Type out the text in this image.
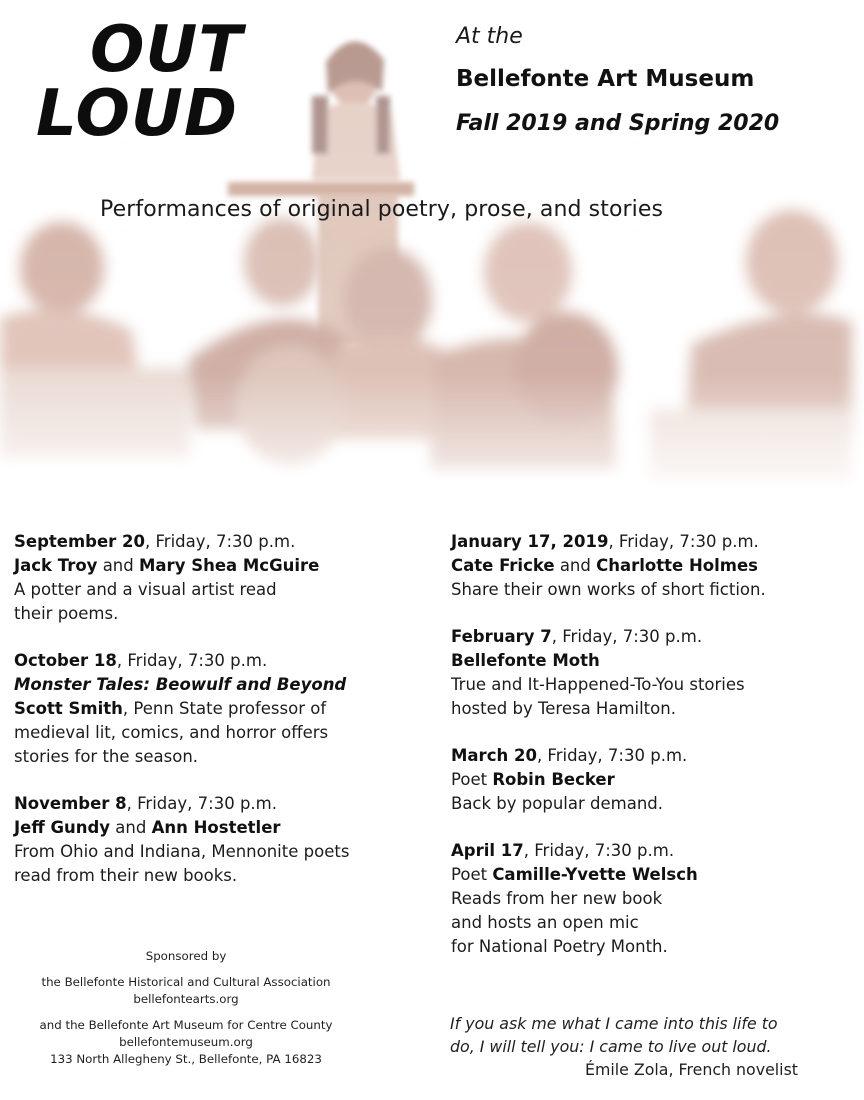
OUT
LOUD
At the
Bellefonte Art Museum
Fall 2019 and Spring 2020
Performances of original poetry, prose, and stories
September 20, Friday, 7:30 p.m.
Jack Troy and Mary Shea McGuire
A potter and a visual artist read
their poems.
October 18, Friday, 7:30 p.m.
Monster Tales: Beowulf and Beyond
Scott Smith, Penn State professor of
medieval lit, comics, and horror offers
stories for the season.
November 8, Friday, 7:30 p.m.
Jeff Gundy and Ann Hostetler
From Ohio and Indiana, Mennonite poets
read from their new books.
January 17, 2019, Friday, 7:30 p.m.
Cate Fricke and Charlotte Holmes
Share their own works of short fiction.
February 7, Friday, 7:30 p.m.
Bellefonte Moth
True and It-Happened-To-You stories
hosted by Teresa Hamilton.
March 20, Friday, 7:30 p.m.
Poet Robin Becker
Back by popular demand.
April 17, Friday, 7:30 p.m.
Poet Camille-Yvette Welsch
Reads from her new book
and hosts an open mic
for National Poetry Month.
Sponsored by
the Bellefonte Historical and Cultural Association
bellefontearts.org
and the Bellefonte Art Museum for Centre County
bellefontemuseum.org
133 North Allegheny St., Bellefonte, PA 16823
If you ask me what I came into this life to
do, I will tell you: I came to live out loud.
Émile Zola, French novelist
